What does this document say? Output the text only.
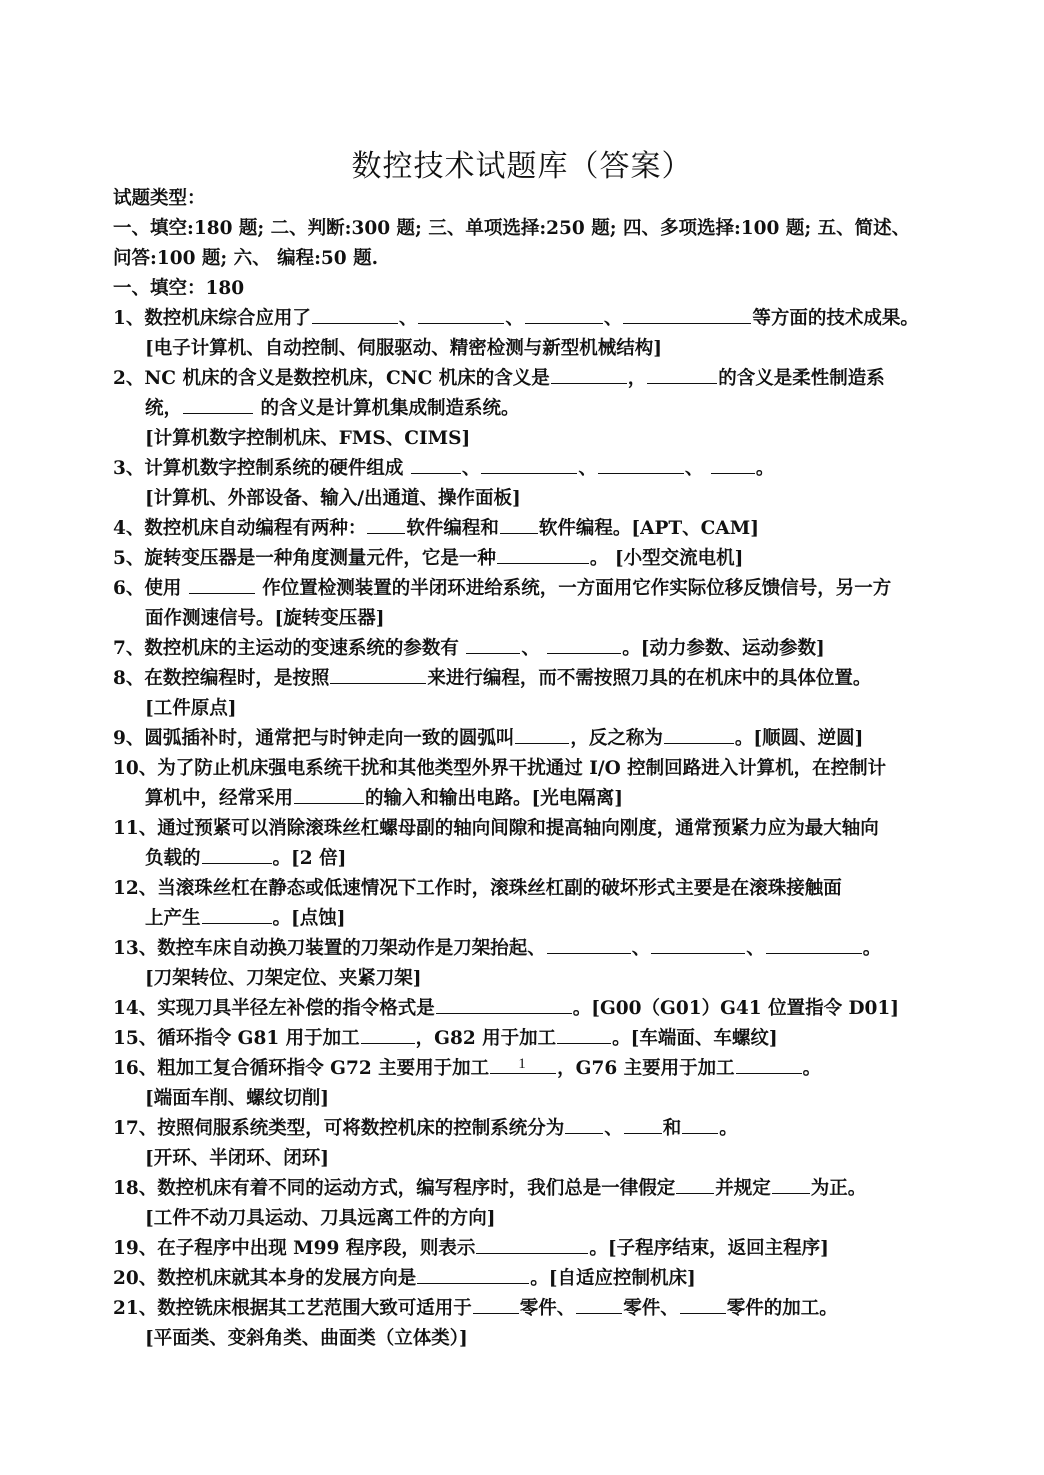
数控技术试题库（答案）
试题类型：
一、填空:180 题; 二、判断:300 题; 三、单项选择:250 题; 四、多项选择:100 题; 五、简述、
问答:100 题; 六、 编程:50 题.
一、填空：180
1、数控机床综合应用了	、	、	、	等方面的技术成果。
[电子计算机、自动控制、伺服驱动、精密检测与新型机械结构]
2、NC 机床的含义是数控机床，CNC 机床的含义是	，	的含义是柔性制造系
统，	的含义是计算机集成制造系统。
[计算机数字控制机床、FMS、CIMS]
3、计算机数字控制系统的硬件组成	、	、	、	。
[计算机、外部设备、输入/出通道、操作面板]
4、数控机床自动编程有两种： 软件编程和 软件编程。[APT、CAM]
5、旋转变压器是一种角度测量元件，它是一种	。 [小型交流电机]
6、使用	作位置检测装置的半闭环进给系统，一方面用它作实际位移反馈信号，另一方
面作测速信号。[旋转变压器]
7、数控机床的主运动的变速系统的参数有	、	。[动力参数、运动参数]
8、在数控编程时，是按照	来进行编程，而不需按照刀具的在机床中的具体位置。
[工件原点]
9、圆弧插补时，通常把与时钟走向一致的圆弧叫	，反之称为	。[顺圆、逆圆]
10、为了防止机床强电系统干扰和其他类型外界干扰通过 I/O 控制回路进入计算机，在控制计
算机中，经常采用	的输入和输出电路。[光电隔离]
11、通过预紧可以消除滚珠丝杠螺母副的轴向间隙和提高轴向刚度，通常预紧力应为最大轴向
负载的	。[2 倍]
12、当滚珠丝杠在静态或低速情况下工作时，滚珠丝杠副的破坏形式主要是在滚珠接触面
上产生	。[点蚀]
13、数控车床自动换刀装置的刀架动作是刀架抬起、	、	、	。
[刀架转位、刀架定位、夹紧刀架]
14、实现刀具半径左补偿的指令格式是	。[G00（G01）G41 位置指令 D01]
15、循环指令 G81 用于加工	，G82 用于加工	。[车端面、车螺纹]
16、粗加工复合循环指令 G72 主要用于加工	，G76 主要用于加工	。
[端面车削、螺纹切削]
17、按照伺服系统类型，可将数控机床的控制系统分为 、 和 。
[开环、半闭环、闭环]
18、数控机床有着不同的运动方式，编写程序时，我们总是一律假定 并规定 为正。
[工件不动刀具运动、刀具远离工件的方向]
19、在子程序中出现 M99 程序段，则表示	。[子程序结束，返回主程序]
20、数控机床就其本身的发展方向是	。[自适应控制机床]
21、数控铣床根据其工艺范围大致可适用于	零件、	零件、	零件的加工。
[平面类、变斜角类、曲面类（立体类）]
1
